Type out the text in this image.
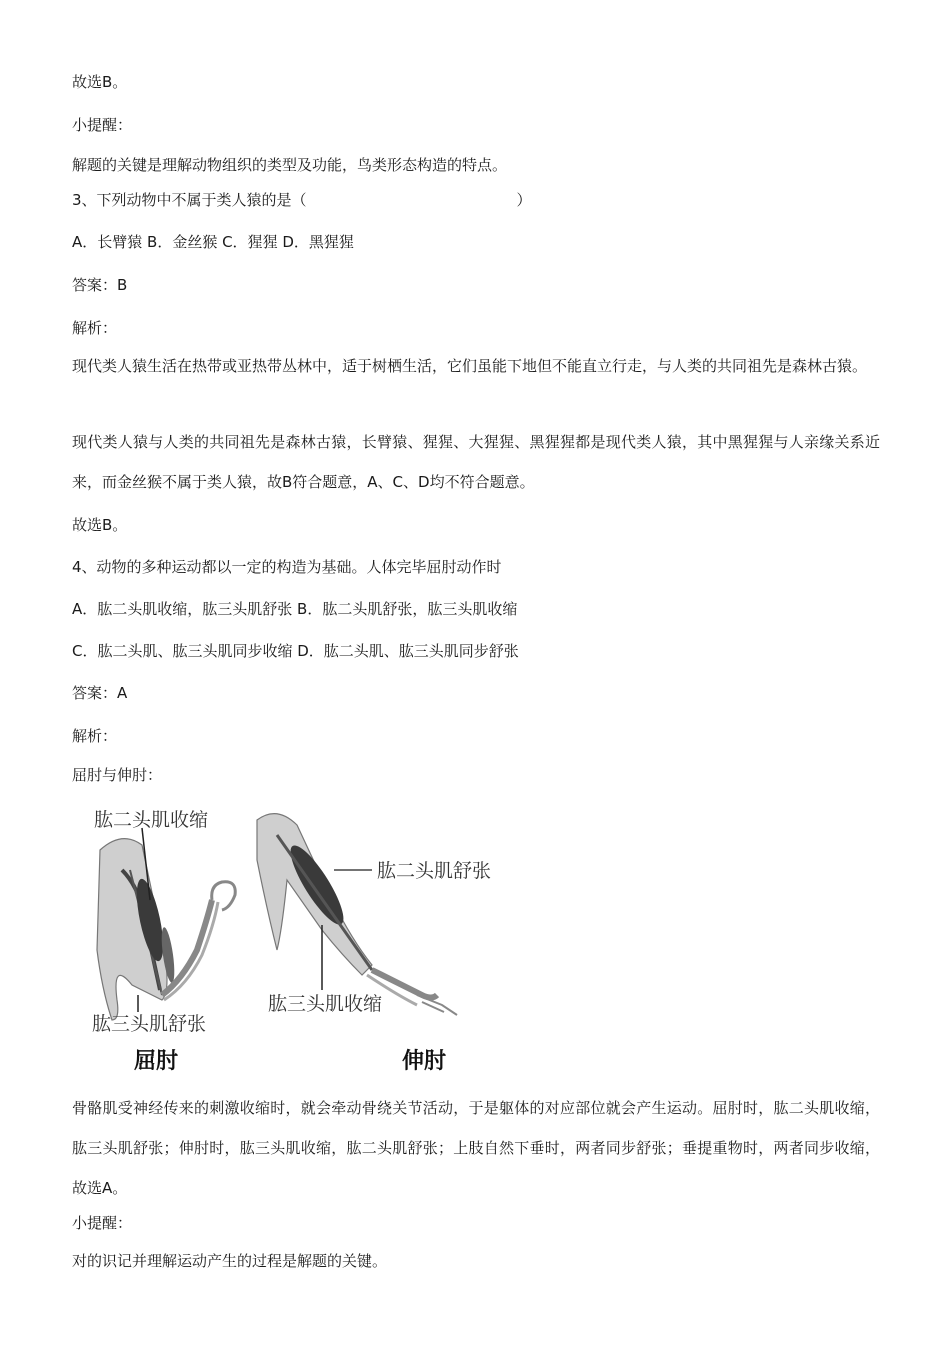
故选B。
小提醒：
解题的关键是理解动物组织的类型及功能，鸟类形态构造的特点。
3、下列动物中不属于类人猿的是（　　　　　　　　　　　　　　）
A．长臂猿 B．金丝猴 C．猩猩 D．黑猩猩
答案：B
解析：
现代类人猿生活在热带或亚热带丛林中，适于树栖生活，它们虽能下地但不能直立行走，与人类的共同祖先是森林古猿。
现代类人猿与人类的共同祖先是森林古猿，长臂猿、猩猩、大猩猩、黑猩猩都是现代类人猿，其中黑猩猩与人亲缘关系近来，而金丝猴不属于类人猿，故B符合题意，A、C、D均不符合题意。
故选B。
4、动物的多种运动都以一定的构造为基础。人体完毕屈肘动作时
A．肱二头肌收缩，肱三头肌舒张 B．肱二头肌舒张，肱三头肌收缩
C．肱二头肌、肱三头肌同步收缩 D．肱二头肌、肱三头肌同步舒张
答案：A
解析：
屈肘与伸肘：
肱二头肌收缩
肱三头肌舒张
屈肘
肱二头肌舒张
肱三头肌收缩
伸肘
骨骼肌受神经传来的刺激收缩时，就会牵动骨绕关节活动，于是躯体的对应部位就会产生运动。屈肘时，肱二头肌收缩，肱三头肌舒张；伸肘时，肱三头肌收缩，肱二头肌舒张；上肢自然下垂时，两者同步舒张；垂提重物时，两者同步收缩，故选A。
小提醒：
对的识记并理解运动产生的过程是解题的关键。
